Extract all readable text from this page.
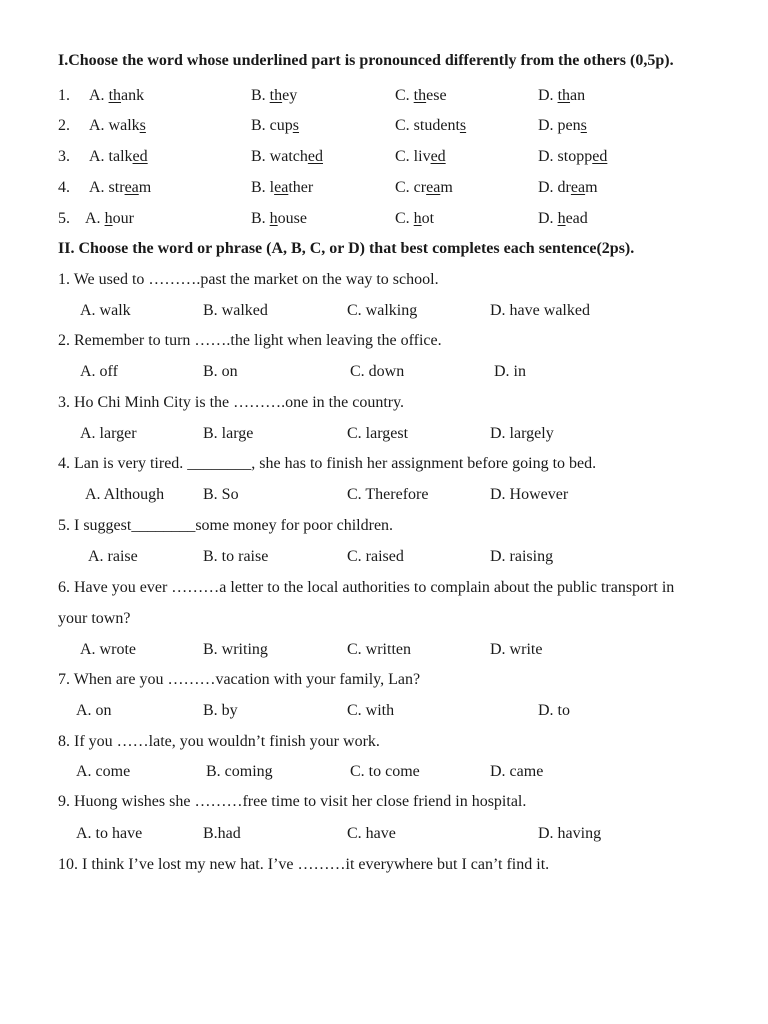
I.Choose the word whose underlined part is pronounced differently from the others (0,5p).
1. A. thank	B. they	C. these	D. than
2. A. walks	B. cups	C. students	D. pens
3. A. talked	B. watched	C. lived	D. stopped
4. A. stream	B. leather	C. cream	D. dream
5. A. hour	B. house	C. hot	D. head
II. Choose the word or phrase (A, B, C, or D) that best completes each sentence(2ps).
1. We used to ……….past the market on the way to school.
A. walk	B. walked	C. walking	D. have walked
2. Remember to turn …….the light when leaving the office.
A. off	B. on	C. down	D. in
3. Ho Chi Minh City is the ……….one in the country.
A. larger	B. large	C. largest	D. largely
4. Lan is very tired. ________, she has to finish her assignment before going to bed.
A. Although B. So	C. Therefore	D. However
5. I suggest________some money for poor children.
A. raise	B. to raise	C. raised	D. raising
6. Have you ever ………a letter to the local authorities to complain about the public transport in
your town?
A. wrote	B. writing	C. written	D. write
7. When are you ………vacation with your family, Lan?
A. on	B. by	C. with	D. to
8. If you ……late, you wouldn’t finish your work.
A. come	B. coming	C. to come	D. came
9. Huong wishes she ………free time to visit her close friend in hospital.
A. to have	B.had	C. have	D. having
10. I think I’ve lost my new hat. I’ve ………it everywhere but I can’t find it.
